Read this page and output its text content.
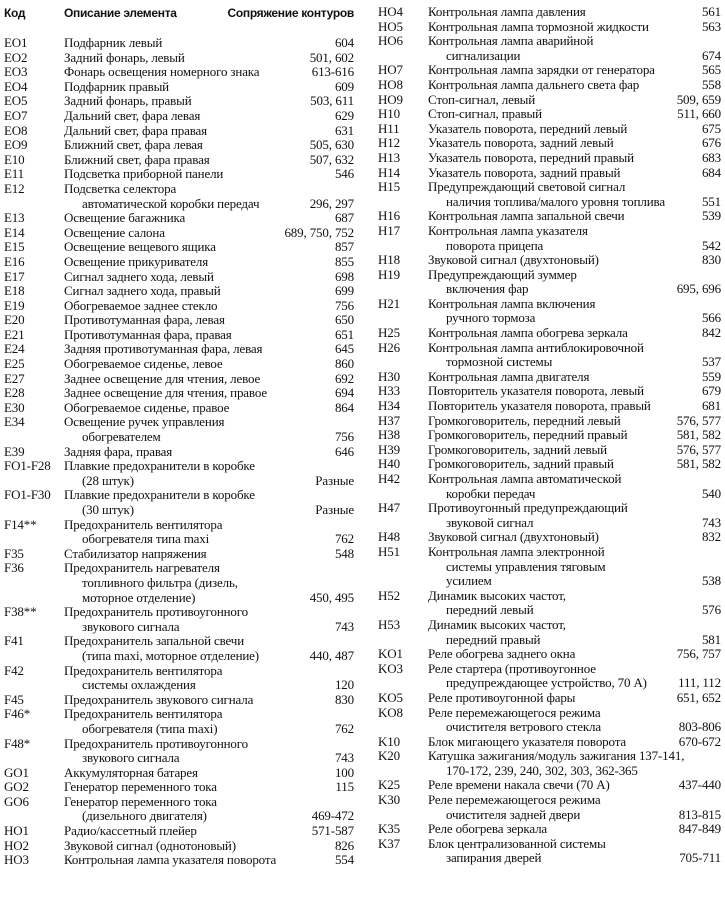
Код	Описание элемента	Сопряжение контуров
EO1	Подфарник левый	604
EO2	Задний фонарь, левый	501, 602
EO3	Фонарь освещения номерного знака	613-616
EO4	Подфарник правый	609
EO5	Задний фонарь, правый	503, 611
EO7	Дальний свет, фара левая	629
EO8	Дальний свет, фара правая	631
EO9	Ближний свет, фара левая	505, 630
E10	Ближний свет, фара правая	507, 632
E11	Подсветка приборной панели	546
E12	Подсветка селектора
автоматической коробки передач	296, 297
E13	Освещение багажника	687
E14	Освещение салона	689, 750, 752
E15	Освещение вещевого ящика	857
E16	Освещение прикуривателя	855
E17	Сигнал заднего хода, левый	698
E18	Сигнал заднего хода, правый	699
E19	Обогреваемое заднее стекло	756
E20	Противотуманная фара, левая	650
E21	Противотуманная фара, правая	651
E24	Задняя противотуманная фара, левая	645
E25	Обогреваемое сиденье, левое	860
E27	Заднее освещение для чтения, левое	692
E28	Заднее освещение для чтения, правое	694
E30	Обогреваемое сиденье, правое	864
E34	Освещение ручек управления
обогревателем	756
E39	Задняя фара, правая	646
FO1-F28 Плавкие предохранители в коробке
(28 штук)	Разные
FO1-F30 Плавкие предохранители в коробке
(30 штук)	Разные
F14** Предохранитель вентилятора
обогревателя типа maxi	762
F35	Стабилизатор напряжения	548
F36	Предохранитель нагревателя
топливного фильтра (дизель,
моторное отделение)	450, 495
F38** Предохранитель противоугонного
звукового сигнала	743
F41	Предохранитель запальной свечи
(типа maxi, моторное отделение)	440, 487
F42	Предохранитель вентилятора
системы охлаждения	120
F45	Предохранитель звукового сигнала	830
F46*	Предохранитель вентилятора
обогревателя (типа maxi)	762
F48*	Предохранитель противоугонного
звукового сигнала	743
GO1	Аккумуляторная батарея	100
GO2	Генератор переменного тока	115
GO6	Генератор переменного тока
(дизельного двигателя)	469-472
HO1	Радио/кассетный плейер	571-587
HO2	Звуковой сигнал (однотоновый)	826
HO3	Контрольная лампа указателя поворота	554
HO4 Контрольная лампа давления	561
HO5 Контрольная лампа тормозной жидкости	563
HO6 Контрольная лампа аварийной
сигнализации	674
HO7 Контрольная лампа зарядки от генератора	565
HO8 Контрольная лампа дальнего света фар	558
HO9 Стоп-сигнал, левый	509, 659
H10 Стоп-сигнал, правый	511, 660
H11 Указатель поворота, передний левый	675
H12 Указатель поворота, задний левый	676
H13 Указатель поворота, передний правый	683
H14 Указатель поворота, задний правый	684
H15 Предупреждающий световой сигнал
наличия топлива/малого уровня топлива	551
H16 Контрольная лампа запальной свечи	539
H17 Контрольная лампа указателя
поворота прицепа	542
H18 Звуковой сигнал (двухтоновый)	830
H19 Предупреждающий зуммер
включения фар	695, 696
H21 Контрольная лампа включения
ручного тормоза	566
H25 Контрольная лампа обогрева зеркала	842
H26 Контрольная лампа антиблокировочной
тормозной системы	537
H30 Контрольная лампа двигателя	559
H33 Повторитель указателя поворота, левый	679
H34 Повторитель указателя поворота, правый	681
H37 Громкоговоритель, передний левый	576, 577
H38 Громкоговоритель, передний правый	581, 582
H39 Громкоговоритель, задний левый	576, 577
H40 Громкоговоритель, задний правый	581, 582
H42 Контрольная лампа автоматической
коробки передач	540
H47 Противоугонный предупреждающий
звуковой сигнал	743
H48 Звуковой сигнал (двухтоновый)	832
H51 Контрольная лампа электронной
системы управления тяговым
усилием	538
H52 Динамик высоких частот,
передний левый	576
H53 Динамик высоких частот,
передний правый	581
KO1 Реле обогрева заднего окна	756, 757
KO3 Реле стартера (противоугонное
предупреждающее устройство, 70 А)	111, 112
KO5 Реле противоугонной фары	651, 652
KO8 Реле перемежающегося режима
очистителя ветрового стекла	803-806
K10 Блок мигающего указателя поворота	670-672
K20 Катушка зажигания/модуль зажигания 137-141,
170-172, 239, 240, 302, 303, 362-365
K25 Реле времени накала свечи (70 А)	437-440
K30 Реле перемежающегося режима
очистителя задней двери	813-815
K35 Реле обогрева зеркала	847-849
K37 Блок централизованной системы
запирания дверей	705-711
